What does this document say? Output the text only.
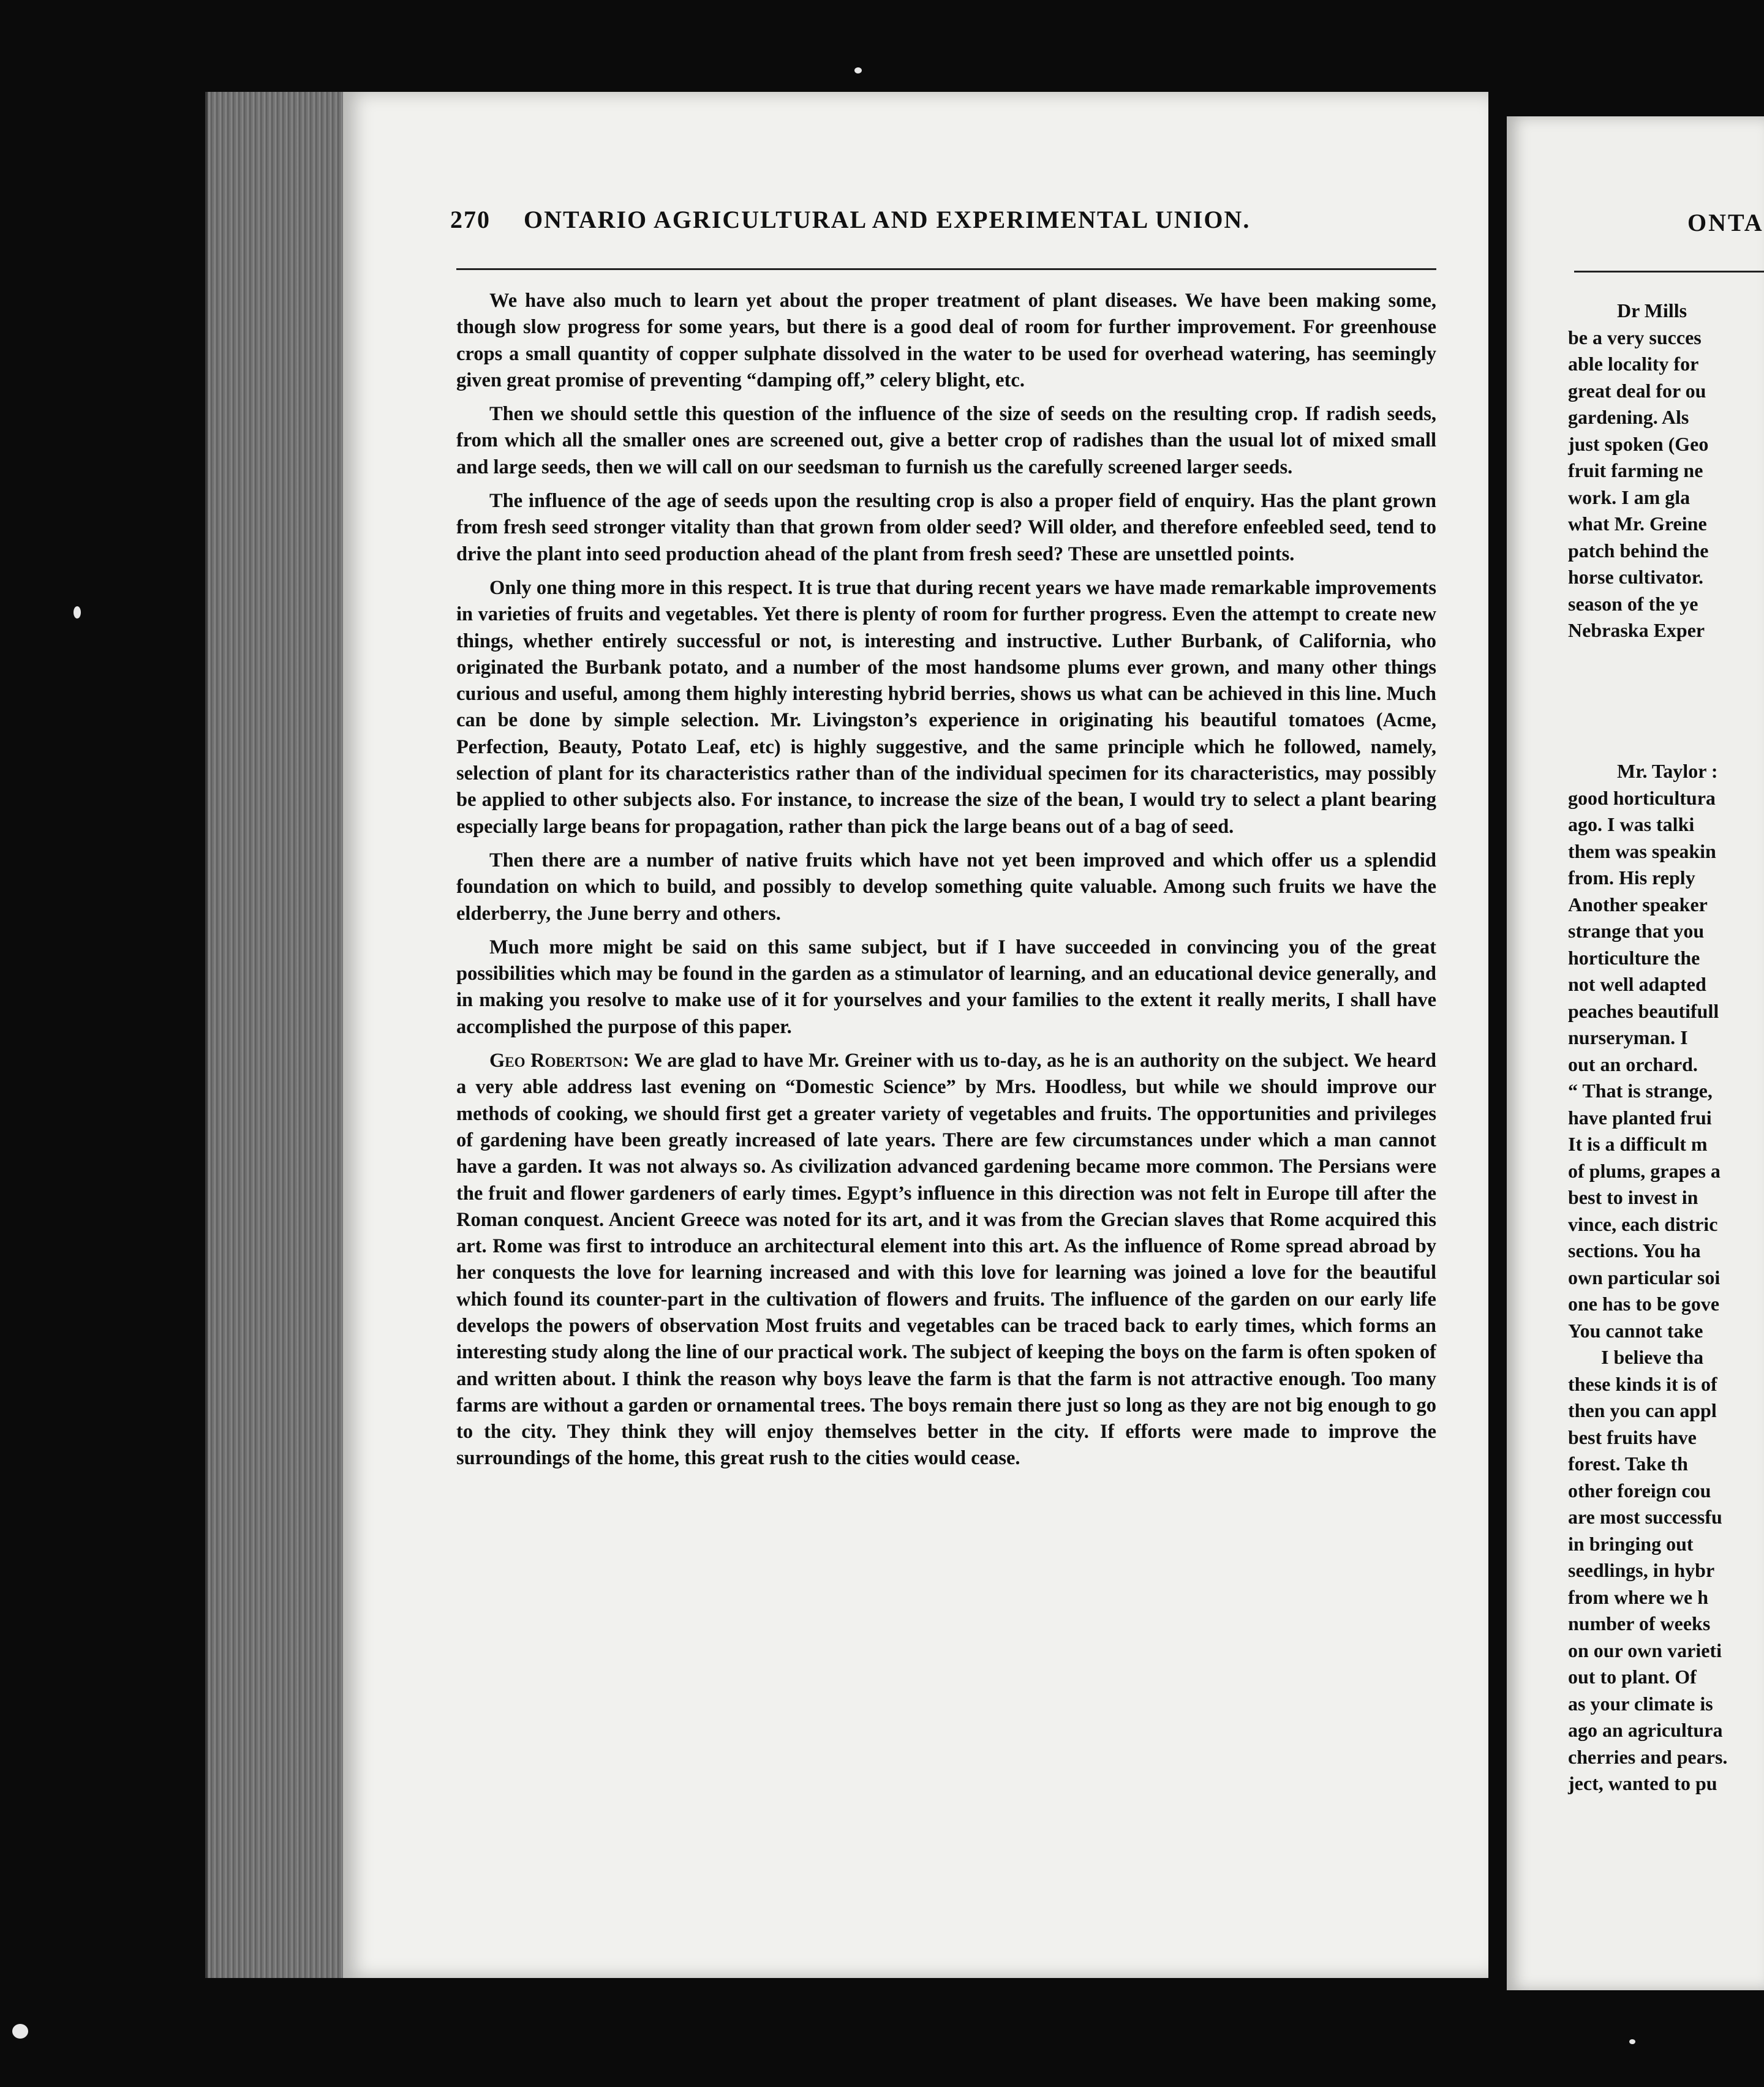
270 ONTARIO AGRICULTURAL AND EXPERIMENTAL UNION.

We have also much to learn yet about the proper treatment of plant diseases. We have been making some, though slow progress for some years, but there is a good deal of room for further improvement. For greenhouse crops a small quantity of copper sulphate dissolved in the water to be used for overhead watering, has seemingly given great promise of preventing “damping off,” celery blight, etc.

Then we should settle this question of the influence of the size of seeds on the resulting crop. If radish seeds, from which all the smaller ones are screened out, give a better crop of radishes than the usual lot of mixed small and large seeds, then we will call on our seedsman to furnish us the carefully screened larger seeds.

The influence of the age of seeds upon the resulting crop is also a proper field of enquiry. Has the plant grown from fresh seed stronger vitality than that grown from older seed? Will older, and therefore enfeebled seed, tend to drive the plant into seed production ahead of the plant from fresh seed? These are unsettled points.

Only one thing more in this respect. It is true that during recent years we have made remarkable improvements in varieties of fruits and vegetables. Yet there is plenty of room for further progress. Even the attempt to create new things, whether entirely successful or not, is interesting and instructive. Luther Burbank, of California, who originated the Burbank potato, and a number of the most handsome plums ever grown, and many other things curious and useful, among them highly interesting hybrid berries, shows us what can be achieved in this line. Much can be done by simple selection. Mr. Livingston’s experience in originating his beautiful tomatoes (Acme, Perfection, Beauty, Potato Leaf, etc) is highly suggestive, and the same principle which he followed, namely, selection of plant for its characteristics rather than of the individual specimen for its characteristics, may possibly be applied to other subjects also. For instance, to increase the size of the bean, I would try to select a plant bearing especially large beans for propagation, rather than pick the large beans out of a bag of seed.

Then there are a number of native fruits which have not yet been improved and which offer us a splendid foundation on which to build, and possibly to develop something quite valuable. Among such fruits we have the elderberry, the June berry and others.

Much more might be said on this same subject, but if I have succeeded in convincing you of the great possibilities which may be found in the garden as a stimulator of learning, and an educational device generally, and in making you resolve to make use of it for yourselves and your families to the extent it really merits, I shall have accomplished the purpose of this paper.

Geo Robertson: We are glad to have Mr. Greiner with us to-day, as he is an authority on the subject. We heard a very able address last evening on “Domestic Science” by Mrs. Hoodless, but while we should improve our methods of cooking, we should first get a greater variety of vegetables and fruits. The opportunities and privileges of gardening have been greatly increased of late years. There are few circumstances under which a man cannot have a garden. It was not always so. As civilization advanced gardening became more common. The Persians were the fruit and flower gardeners of early times. Egypt’s influence in this direction was not felt in Europe till after the Roman conquest. Ancient Greece was noted for its art, and it was from the Grecian slaves that Rome acquired this art. Rome was first to introduce an architectural element into this art. As the influence of Rome spread abroad by her conquests the love for learning increased and with this love for learning was joined a love for the beautiful which found its counter-part in the cultivation of flowers and fruits. The influence of the garden on our early life develops the powers of observation Most fruits and vegetables can be traced back to early times, which forms an interesting study along the line of our practical work. The subject of keeping the boys on the farm is often spoken of and written about. I think the reason why boys leave the farm is that the farm is not attractive enough. Too many farms are without a garden or ornamental trees. The boys remain there just so long as they are not big enough to go to the city. They think they will enjoy themselves better in the city. If efforts were made to improve the surroundings of the home, this great rush to the cities would cease.

ONTA
Dr Mills
be a very succes
able locality for
great deal for ou
gardening. Als
just spoken (Geo
fruit farming ne
work. I am gla
what Mr. Greine
patch behind the
horse cultivator.
season of the ye
Nebraska Exper
Mr. Taylor :
good horticultura
ago. I was talki
them was speakin
from. His reply
Another speaker
strange that you
horticulture the
not well adapted
peaches beautifull
nurseryman. I
out an orchard.
“ That is strange,
have planted frui
It is a difficult m
of plums, grapes a
best to invest in
vince, each distric
sections. You ha
own particular soi
one has to be gove
You cannot take
I believe tha
these kinds it is of
then you can appl
best fruits have
forest. Take th
other foreign cou
are most successfu
in bringing out
seedlings, in hybr
from where we h
number of weeks
on our own varieti
out to plant. Of
as your climate is
ago an agricultura
cherries and pears.
ject, wanted to pu
